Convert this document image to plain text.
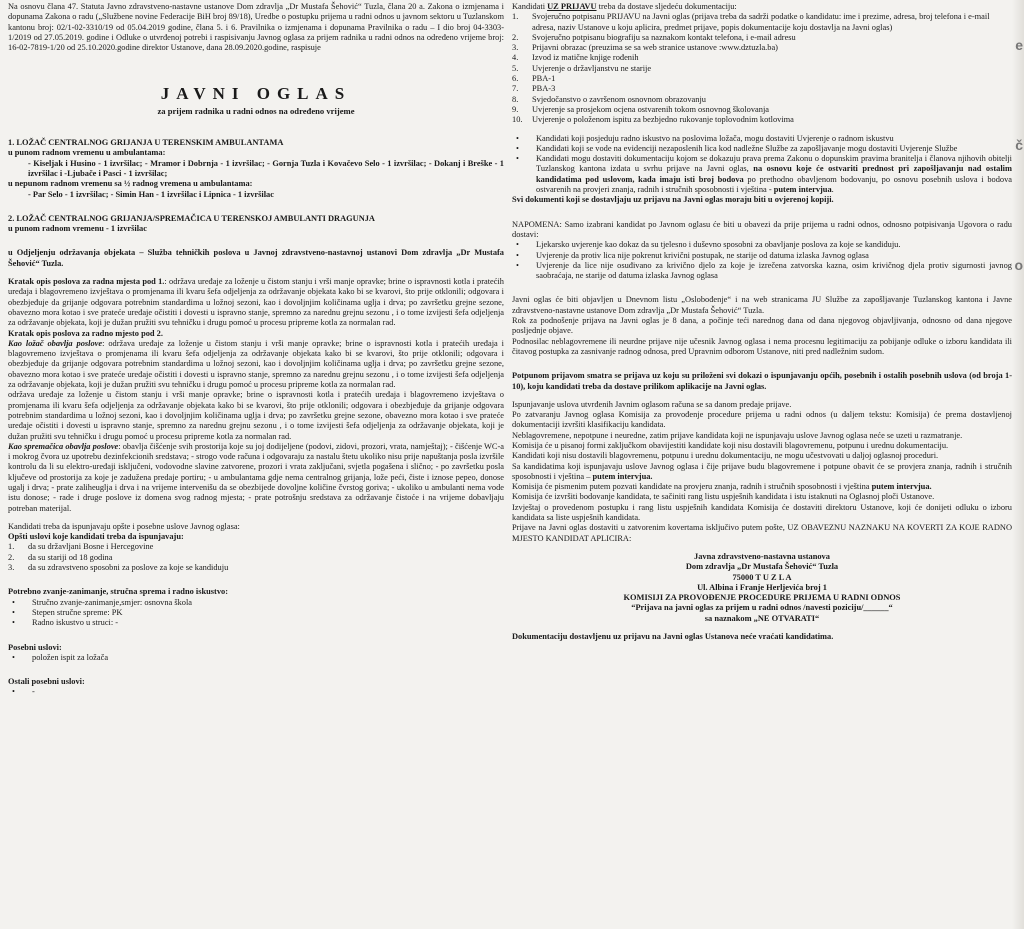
Na osnovu člana 47. Statuta Javno zdravstveno-nastavne ustanove Dom zdravlja „Dr Mustafa Šehović“ Tuzla, člana 20 a. Zakona o izmjenama i dopunama Zakona o radu („Službene novine Federacije BiH broj 89/18), Uredbe o postupku prijema u radni odnos u javnom sektoru u Tuzlanskom kantonu broj: 02/1-02-3310/19 od 05.04.2019 godine, člana 5. i 6. Pravilnika o izmjenama i dopunama Pravilnika o radu – I dio broj 04-3303-1/2019 od 27.05.2019. godine i Odluke o utvrđenoj potrebi i raspisivanju Javnog oglasa za prijem radnika u radni odnos na određeno vrijeme broj: 16-02-7819-1/20 od 25.10.2020.godine direktor Ustanove, dana 28.09.2020.godine, raspisuje

JAVNI OGLAS
za prijem radnika u radni odnos na određeno vrijeme

1. LOŽAČ CENTRALNOG GRIJANJA U TERENSKIM AMBULANTAMA

u punom radnom vremenu u ambulantama:

- Kiseljak i Husino - 1 izvršilac; - Mramor i Dobrnja - 1 izvršilac; - Gornja Tuzla i Kovačevo Selo - 1 izvršilac; - Dokanj i Breške - 1 izvršilac i -Ljubače i Pasci - 1 izvršilac;

u nepunom radnom vremenu sa ½ radnog vremena u ambulantama:

- Par Selo - 1 izvršilac; - Simin Han - 1 izvršilac i Lipnica - 1 izvršilac

2. LOŽAČ CENTRALNOG GRIJANJA/SPREMAČICA U TERENSKOJ AMBULANTI DRAGUNJA

u punom radnom vremenu - 1 izvršilac

u Odjeljenju održavanja objekata – Služba tehničkih poslova u Javnoj zdravstveno-nastavnoj ustanovi Dom zdravlja „Dr Mustafa Šehović“ Tuzla.

Kratak opis poslova za radna mjesta pod 1.: održava uređaje za loženje u čistom stanju i vrši manje opravke; brine o ispravnosti kotla i pratećih uređaja i blagovremeno izvještava o promjenama ili kvaru šefa odjeljenja za održavanje objekata kako bi se kvarovi, što prije otklonili; odgovara i obezbjeđuje da grijanje odgovara potrebnim standardima u ložnoj sezoni, kao i dovoljnjim količinama uglja i drva; po završetku grejne sezone, obavezno mora kotao i sve prateće uređaje očistiti i dovesti u ispravno stanje, spremno za narednu grejnu sezonu , i o tome izvijesti šefa odjeljenja za održavanje objekata, koji je dužan pružiti svu tehničku i drugu pomoć u procesu pripreme kotla za normalan rad.

Kratak opis poslova za radno mjesto pod 2.

Kao ložač obavlja poslove: održava uređaje za loženje u čistom stanju i vrši manje opravke; brine o ispravnosti kotla i pratećih uređaja i blagovremeno izvještava o promjenama ili kvaru šefa odjeljenja za održavanje objekata kako bi se kvarovi, što prije otklonili; odgovara i obezbjeđuje da grijanje odgovara potrebnim standardima u ložnoj sezoni, kao i dovoljnjim količinama uglja i drva; po završetku grejne sezone, obavezno mora kotao i sve prateće uređaje očistiti i dovesti u ispravno stanje, spremno za narednu grejnu sezonu , i o tome izvijesti šefa odjeljenja za održavanje objekata, koji je dužan pružiti svu tehničku i drugu pomoć u procesu pripreme kotla za normalan rad.

održava uređaje za loženje u čistom stanju i vrši manje opravke; brine o ispravnosti kotla i pratećih uređaja i blagovremeno izvještava o promjenama ili kvaru šefa odjeljenja za održavanje objekata kako bi se kvarovi, što prije otklonili; odgovara i obezbjeđuje da grijanje odgovara potrebnim standardima u ložnoj sezoni, kao i dovoljnjim količinama uglja i drva; po završetku grejne sezone, obavezno mora kotao i sve prateće uređaje očistiti i dovesti u ispravno stanje, spremno za narednu grejnu sezonu , i o tome izvijesti šefa odjeljenja za održavanje objekata, koji je dužan pružiti svu tehničku i drugu pomoć u procesu pripreme kotla za normalan rad.

Kao spremačica obavlja poslove: obavlja čišćenje svih prostorija koje su joj dodijeljene (podovi, zidovi, prozori, vrata, namještaj); - čišćenje WC-a i mokrog čvora uz upotrebu dezinfekcionih sredstava; - strogo vode računa i odgovaraju za nastalu štetu ukoliko nisu prije napuštanja posla izvršile kontrolu da li su elektro-uređaji isključeni, vodovodne slavine zatvorene, prozori i vrata zaključani, svjetla pogašena i slično; - po završetku posla ključeve od prostorija za koje je zadužena predaje portiru; - u ambulantama gdje nema centralnog grijanja, lože peći, čiste i iznose pepeo, donose ugalj i drva; - prate zaliheuglja i drva i na vrijeme intervenišu da se obezbijede dovoljne količine čvrstog goriva; - ukoliko u ambulanti nema vode istu donose; - rade i druge poslove iz domena svog radnog mjesta; - prate potrošnju sredstava za održavanje čistoće i na vrijeme dobavljaju potreban materijal.

Kandidati treba da ispunjavaju opšte i posebne uslove Javnog oglasa:

Opšti uslovi koje kandidati treba da ispunjavaju:

1.	da su državljani Bosne i Hercegovine
2.	da su stariji od 18 godina
3.	da su zdravstveno sposobni za poslove za koje se kandiduju

Potrebno zvanje-zanimanje, stručna sprema i radno iskustvo:

•	Stručno zvanje-zanimanje,smjer: osnovna škola
•	Stepen stručne spreme: PK
•	Radno iskustvo u struci: -

Posebni uslovi:

•	položen ispit za ložača

Ostali posebni uslovi:

•	-

Kandidati UZ PRIJAVU treba da dostave sljedeću dokumentaciju:

1.	Svojeručno potpisanu PRIJAVU na Javni oglas (prijava treba da sadrži podatke o kandidatu: ime i prezime, adresa, broj telefona i e-mail adresa, naziv Ustanove u koju aplicira, predmet prijave, popis dokumentacije koju dostavlja na Javni oglas)
2.	Svojeručno potpisanu biografiju sa naznakom kontakt telefona, i e-mail adresu
3.	Prijavni obrazac (preuzima se sa web stranice ustanove :www.dztuzla.ba)
4.	Izvod iz matične knjige rođenih
5.	Uvjerenje o državljanstvu ne starije
6.	PBA-1
7.	PBA-3
8.	Svjedočanstvo o završenom osnovnom obrazovanju
9.	Uvjerenje sa prosjekom ocjena ostvarenih tokom osnovnog školovanja
10.	Uvjerenje o položenom ispitu za bezbjedno rukovanje toplovodnim kotlovima
•	Kandidati koji posjeduju radno iskustvo na poslovima ložača, mogu dostaviti Uvjerenje o radnom iskustvu
•	Kandidati koji se vode na evidenciji nezaposlenih lica kod nadležne Službe za zapošljavanje mogu dostaviti Uvjerenje Službe
•	Kandidati mogu dostaviti dokumentaciju kojom se dokazuju prava prema Zakonu o dopunskim pravima branitelja i članova njihovih obitelji Tuzlanskog kantona izdata u svrhu prijave na Javni oglas, na osnovu koje će ostvariti prednost pri zapošljavanju nad ostalim kandidatima pod uslovom, kada imaju isti broj bodova po prethodno obavljenom bodovanju, po osnovu posebnih uslova i bodova ostvarenih na provjeri znanja, radnih i stručnih sposobnosti i vještina - putem intervjua.

Svi dokumenti koji se dostavljaju uz prijavu na Javni oglas moraju biti u ovjerenoj kopiji.

NAPOMENA: Samo izabrani kandidat po Javnom oglasu će biti u obavezi da prije prijema u radni odnos, odnosno potpisivanja Ugovora o radu dostavi:

•	Ljekarsko uvjerenje kao dokaz da su tjelesno i duševno sposobni za obavljanje poslova za koje se kandiduju.
•	Uvjerenje da protiv lica nije pokrenut krivični postupak, ne starije od datuma izlaska Javnog oglasa
•	Uvjerenje da lice nije osuđivano za krivično djelo za koje je izrečena zatvorska kazna, osim krivičnog djela protiv sigurnosti javnog saobraćaja, ne starije od datuma izlaska Javnog oglasa

Javni oglas će biti objavljen u Dnevnom listu „Oslobođenje“ i na web stranicama JU Službe za zapošljavanje Tuzlanskog kantona i Javne zdravstveno-nastavne ustanove Dom zdravlja „Dr Mustafa Šehović“ Tuzla.

Rok za podnošenje prijava na Javni oglas je 8 dana, a počinje teći narednog dana od dana njegovog objavljivanja, odnosno od dana njegove posljednje objave.

Podnosilac neblagovremene ili neurdne prijave nije učesnik Javnog oglasa i nema procesnu legitimaciju za pobijanje odluke o izboru kandidata ili čitavog postupka za zasnivanje radnog odnosa, pred Upravnim odborom Ustanove, niti pred nadležnim sudom.

Potpunom prijavom smatra se prijava uz koju su priloženi svi dokazi o ispunjavanju općih, posebnih i ostalih posebnih uslova (od broja 1-10), koju kandidati treba da dostave prilikom aplikacije na Javni oglas.

Ispunjavanje uslova utvrđenih Javnim oglasom računa se sa danom predaje prijave.

Po zatvaranju Javnog oglasa Komisija za provođenje procedure prijema u radni odnos (u daljem tekstu: Komisija) će prema dostavljenoj dokumentaciji izvršiti klasifikaciju kandidata.

Neblagovremene, nepotpune i neuredne, zatim prijave kandidata koji ne ispunjavaju uslove Javnog oglasa neće se uzeti u razmatranje.

Komisija će u pisanoj formi zaključkom obavijestiti kandidate koji nisu dostavili blagovremenu, potpunu i urednu dokumentaciju.

Kandidati koji nisu dostavili blagovremenu, potpunu i urednu dokumentaciju, ne mogu učestvovati u daljoj oglasnoj proceduri.

Sa kandidatima koji ispunjavaju uslove Javnog oglasa i čije prijave budu blagovremene i potpune obavit će se provjera znanja, radnih i stručnih sposobnosti i vještina – putem intervjua.

Komisija će pismenim putem pozvati kandidate na provjeru znanja, radnih i stručnih sposobnosti i vještina putem intervjua.

Komisija će izvršiti bodovanje kandidata, te sačiniti rang listu uspješnih kandidata i istu istaknuti na Oglasnoj ploči Ustanove.

Izvještaj o provedenom postupku i rang listu uspješnih kandidata Komisija će dostaviti direktoru Ustanove, koji će donijeti odluku o izboru kandidata sa liste uspješnih kandidata.

Prijave na Javni oglas dostaviti u zatvorenim kovertama isključivo putem pošte, UZ OBAVEZNU NAZNAKU NA KOVERTI ZA KOJE RADNO MJESTO KANDIDAT APLICIRA:

Javna zdravstveno-nastavna ustanova
Dom zdravlja „Dr Mustafa Šehović“ Tuzla
75000 T U Z L A
Ul. Albina i Franje Herljevića broj 1
KOMISIJI ZA PROVOĐENJE PROCEDURE PRIJEMA U RADNI ODNOS
“Prijava na javni oglas za prijem u radni odnos /navesti poziciju/______“
sa naznakom „NE OTVARATI“

Dokumentaciju dostavljenu uz prijavu na Javni oglas Ustanova neće vraćati kandidatima.

e
č
o
